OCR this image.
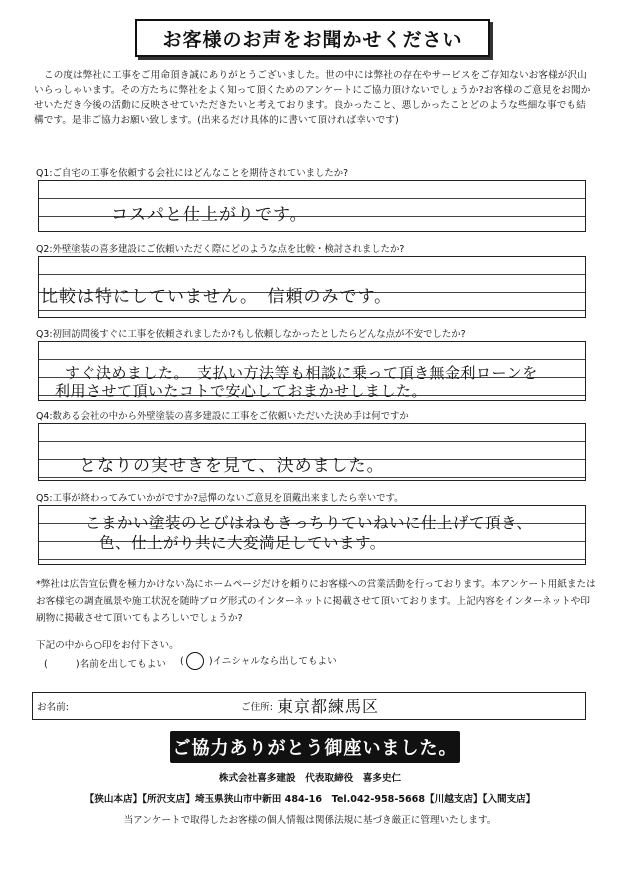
お客様のお声をお聞かせください
この度は弊社に工事をご用命頂き誠にありがとうございました。世の中には弊社の存在やサービスをご存知ないお客様が沢山いらっしゃいます。その方たちに弊社をよく知って頂くためのアンケートにご協力頂けないでしょうか?お客様のご意見をお聞かせいただき今後の活動に反映させていただきたいと考えております。良かったこと、悪しかったことどのような些細な事でも結構です。是非ご協力お願い致します。(出来るだけ具体的に書いて頂ければ幸いです)
Q1:ご自宅の工事を依頼する会社にはどんなことを期待されていましたか?
コスパと仕上がりです。
Q2:外壁塗装の喜多建設にご依頼いただく際にどのような点を比較・検討されましたか?
比較は特にしていません。　信頼のみです。
Q3:初回訪問後すぐに工事を依頼されましたか?もし依頼しなかったとしたらどんな点が不安でしたか?
すぐ決めました。　支払い方法等も相談に乗って頂き無金利ローンを
利用させて頂いたコトで安心しておまかせしました。
Q4:数ある会社の中から外壁塗装の喜多建設に工事をご依頼いただいた決め手は何ですか
となりの実せきを見て、決めました。
Q5:工事が終わってみていかがですか?忌憚のないご意見を頂戴出来ましたら幸いです。
こまかい塗装のとびはねもきっちりていねいに仕上げて頂き、
色、仕上がり共に大変満足しています。
*弊社は広告宣伝費を極力かけない為にホームページだけを頼りにお客様への営業活動を行っております。本アンケート用紙またはお客様宅の調査風景や施工状況を随時ブログ形式のインターネットに掲載させて頂いております。上記内容をインターネットや印刷物に掲載させて頂いてもよろしいでしょうか?
下記の中から○印をお付下さい。
(	)名前を出してもよい (	)イニシャルなら出してもよい
お名前:	ご住所: 東京都練馬区
ご協力ありがとう御座いました。
株式会社喜多建設　代表取締役　喜多史仁
【狭山本店】【所沢支店】埼玉県狭山市中新田 484-16　Tel.042-958-5668【川越支店】【入間支店】
当アンケートで取得したお客様の個人情報は関係法規に基づき厳正に管理いたします。
